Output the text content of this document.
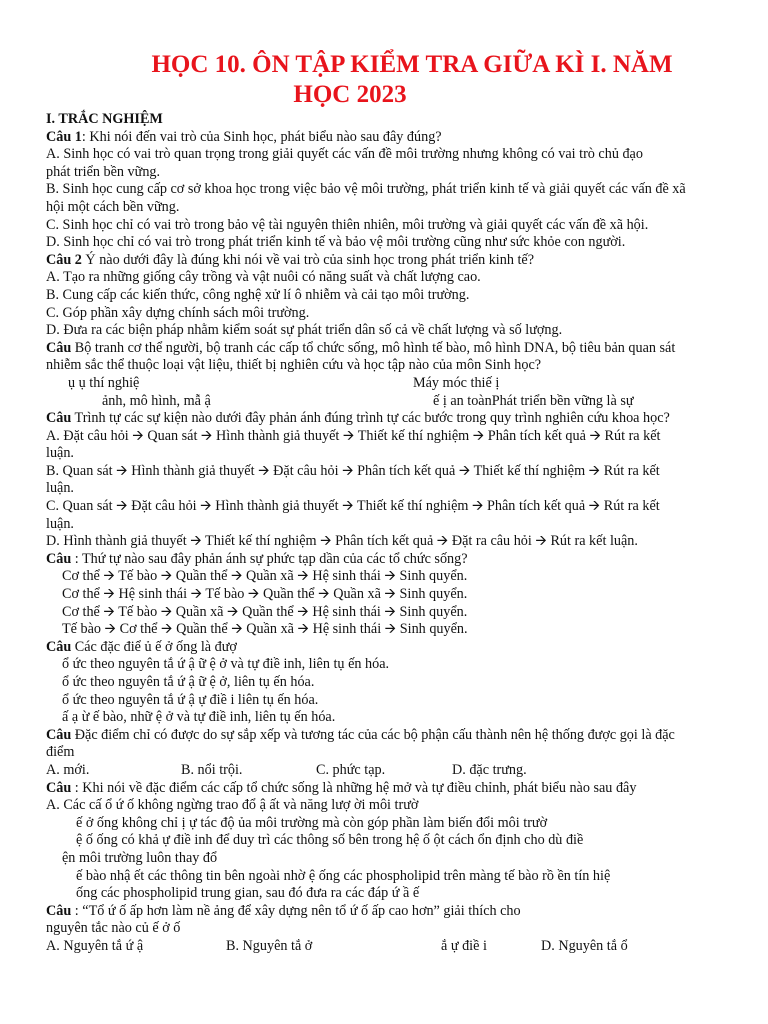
HỌC 10. ÔN TẬP KIỂM TRA GIỮA KÌ I. NĂM
HỌC 2023
I. TRẮC NGHIỆM
Câu 1: Khi nói đến vai trò của Sinh học, phát biểu nào sau đây đúng?
A. Sinh học có vai trò quan trọng trong giải quyết các vấn đề môi trường nhưng không có vai trò chủ đạo
phát triển bền vững.
B. Sinh học cung cấp cơ sở khoa học trong việc bảo vệ môi trường, phát triển kinh tế và giải quyết các vấn đề xã
hội một cách bền vững.
C. Sinh học chỉ có vai trò trong bảo vệ tài nguyên thiên nhiên, môi trường và giải quyết các vấn đề xã hội.
D. Sinh học chỉ có vai trò trong phát triển kinh tế và bảo vệ môi trường cũng như sức khỏe con người.
Câu 2 Ý nào dưới đây là đúng khi nói về vai trò của sinh học trong phát triển kinh tế?
A. Tạo ra những giống cây trồng và vật nuôi có năng suất và chất lượng cao.
B. Cung cấp các kiến thức, công nghệ xử lí ô nhiễm và cải tạo môi trường.
C. Góp phần xây dựng chính sách môi trường.
D. Đưa ra các biện pháp nhằm kiểm soát sự phát triển dân số cả về chất lượng và số lượng.
Câu Bộ tranh cơ thể người, bộ tranh các cấp tổ chức sống, mô hình tế bào, mô hình DNA, bộ tiêu bản quan sát
nhiễm sắc thể thuộc loại vật liệu, thiết bị nghiên cứu và học tập nào của môn Sinh học?
ụ ụ thí nghiệ	Máy móc thiế ị
ảnh, mô hình, mẫ ậ	ế ị an toànPhát triển bền vững là sự
Câu Trình tự các sự kiện nào dưới đây phản ánh đúng trình tự các bước trong quy trình nghiên cứu khoa học?
A. Đặt câu hỏi 🡪 Quan sát 🡪 Hình thành giả thuyết 🡪 Thiết kế thí nghiệm 🡪 Phân tích kết quả 🡪 Rút ra kết
luận.
B. Quan sát 🡪 Hình thành giả thuyết 🡪 Đặt câu hỏi 🡪 Phân tích kết quả 🡪 Thiết kế thí nghiệm 🡪 Rút ra kết
luận.
C. Quan sát 🡪 Đặt câu hỏi 🡪 Hình thành giả thuyết 🡪 Thiết kế thí nghiệm 🡪 Phân tích kết quả 🡪 Rút ra kết
luận.
D. Hình thành giả thuyết 🡪 Thiết kế thí nghiệm 🡪 Phân tích kết quả 🡪 Đặt ra câu hỏi 🡪 Rút ra kết luận.
Câu : Thứ tự nào sau đây phản ánh sự phức tạp dần của các tổ chức sống?
Cơ thể 🡪 Tế bào 🡪 Quần thể 🡪 Quần xã 🡪 Hệ sinh thái 🡪 Sinh quyển.
Cơ thể 🡪 Hệ sinh thái 🡪 Tế bào 🡪 Quần thể 🡪 Quần xã 🡪 Sinh quyển.
Cơ thể 🡪 Tế bào 🡪 Quần xã 🡪 Quần thể 🡪 Hệ sinh thái 🡪 Sinh quyển.
Tế bào 🡪 Cơ thể 🡪 Quần thể 🡪 Quần xã 🡪 Hệ sinh thái 🡪 Sinh quyển.
Câu Các đặc điể ủ ế ở ống là đượ
ổ ức theo nguyên tắ ứ ậ ữ ệ ở và tự điề inh, liên tụ ến hóa.
ổ ức theo nguyên tắ ứ ậ ữ ệ ở, liên tụ ến hóa.
ổ ức theo nguyên tắ ứ ậ ự điề i liên tụ ến hóa.
ấ ạ ừ ế bào, nhữ ệ ở và tự điề inh, liên tụ ến hóa.
Câu Đặc điểm chỉ có được do sự sắp xếp và tương tác của các bộ phận cấu thành nên hệ thống được gọi là đặc
điểm
A. mới.	B. nổi trội.	C. phức tạp.	D. đặc trưng.
Câu : Khi nói về đặc điểm các cấp tổ chức sống là những hệ mở và tự điều chỉnh, phát biểu nào sau đây
A. Các cấ ổ ứ ố không ngừng trao đổ ậ ất và năng lượ ời môi trườ
ế ở ống không chỉ ị ự tác độ ủa môi trường mà còn góp phần làm biến đổi môi trườ
ệ ố ống có khả ự điề inh để duy trì các thông số bên trong hệ ố ột cách ổn định cho dù điề
ện môi trường luôn thay đổ
ế bào nhậ ết các thông tin bên ngoài nhờ ệ ống các phospholipid trên màng tế bào rồ ền tín hiệ
ống các phospholipid trung gian, sau đó đưa ra các đáp ứ ầ ế
Câu : “Tổ ứ ố ấp hơn làm nề ảng để xây dựng nên tổ ứ ố ấp cao hơn” giải thích cho
nguyên tắc nào củ ế ở ố
A. Nguyên tắ ứ ậ	B. Nguyên tắ ở	ắ ự điề i	D. Nguyên tắ ổ
